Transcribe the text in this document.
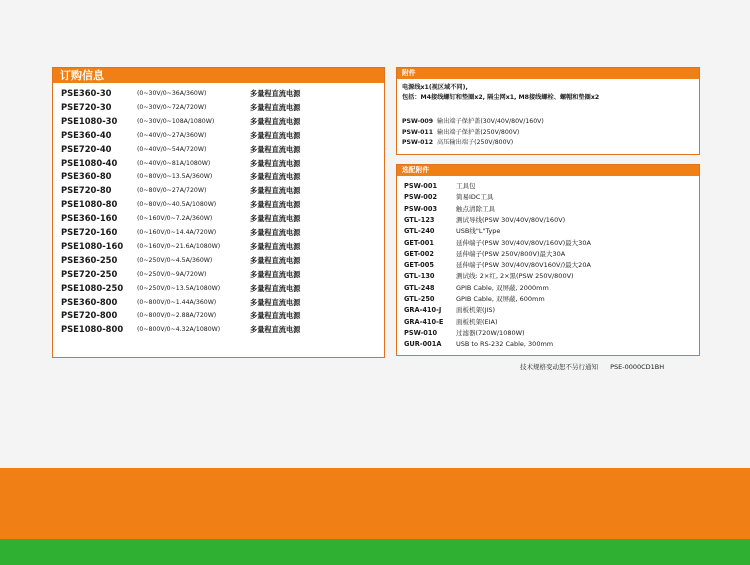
订购信息
PSE360-30	(0~30V/0~36A/360W)	多量程直流电源
PSE720-30	(0~30V/0~72A/720W)	多量程直流电源
PSE1080-30	(0~30V/0~108A/1080W)	多量程直流电源
PSE360-40	(0~40V/0~27A/360W)	多量程直流电源
PSE720-40	(0~40V/0~54A/720W)	多量程直流电源
PSE1080-40	(0~40V/0~81A/1080W)	多量程直流电源
PSE360-80	(0~80V/0~13.5A/360W)	多量程直流电源
PSE720-80	(0~80V/0~27A/720W)	多量程直流电源
PSE1080-80	(0~80V/0~40.5A/1080W)	多量程直流电源
PSE360-160	(0~160V/0~7.2A/360W)	多量程直流电源
PSE720-160	(0~160V/0~14.4A/720W)	多量程直流电源
PSE1080-160 (0~160V/0~21.6A/1080W)	多量程直流电源
PSE360-250	(0~250V/0~4.5A/360W)	多量程直流电源
PSE720-250	(0~250V/0~9A/720W)	多量程直流电源
PSE1080-250 (0~250V/0~13.5A/1080W)	多量程直流电源
PSE360-800	(0~800V/0~1.44A/360W)	多量程直流电源
PSE720-800	(0~800V/0~2.88A/720W)	多量程直流电源
PSE1080-800 (0~800V/0~4.32A/1080W)	多量程直流电源
附件
电源线x1(视区域不同),
包括：M4接线螺钉和垫圈x2, 隔尘网x1, M8接线螺栓、螺帽和垫圈x2
PSW-009 输出端子保护盖(30V/40V/80V/160V)
PSW-011 输出端子保护盖(250V/800V)
PSW-012 高压输出端子(250V/800V)
选配附件
PSW-001	工具包
PSW-002	简易IDC工具
PSW-003	触点清除工具
GTL-123	测试导线(PSW 30V/40V/80V/160V)
GTL-240	USB线"L"Type
GET-001	延伸端子(PSW 30V/40V/80V/160V)最大30A
GET-002	延伸端子(PSW 250V/800V)最大30A
GET-005	延伸端子(PSW 30V/40V/80V160V/)最大20A
GTL-130	测试线: 2×红, 2×黑(PSW 250V/800V)
GTL-248	GPIB Cable, 双屏蔽, 2000mm
GTL-250	GPIB Cable, 双屏蔽, 600mm
GRA-410-J 面板机架(JIS)
GRA-410-E 面板机架(EIA)
PSW-010	过滤器(720W/1080W)
GUR-001A USB to RS-232 Cable, 300mm
技术规格变动恕不另行通知 PSE-0000CD1BH
